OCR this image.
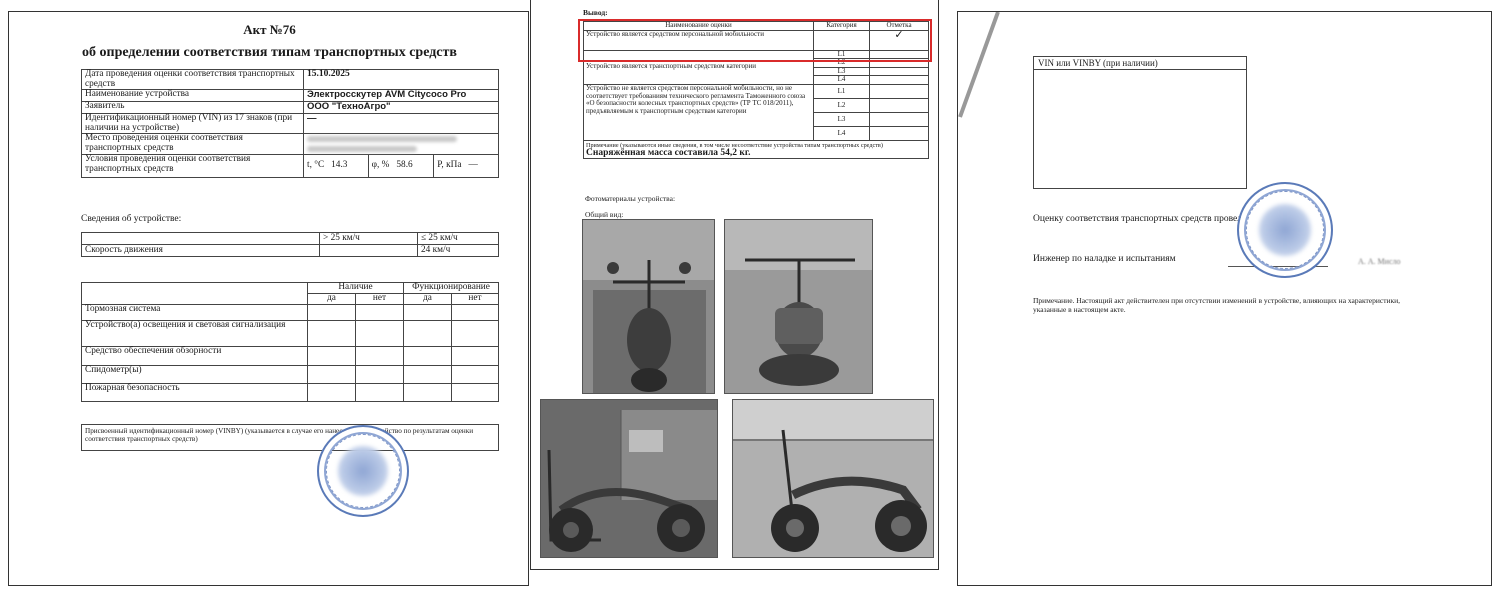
Акт №76
об определении соответствия типам транспортных средств
Дата проведения оценки соответствия транспортных средств	15.10.2025
Наименование устройства	Электросскутер AVM Citycoco Pro
Заявитель	ООО "ТехноАгро"
Идентификационный номер (VIN) из 17 знаков (при наличии на устройстве)	—
Место проведения оценки соответствия транспортных средств	

Условия проведения оценки соответствия транспортных средств		t, °C 14.3	φ, % 58.6	P, кПа —
Сведения об устройстве:
	> 25 км/ч	≤ 25 км/ч
Скорость движения		24 км/ч
	Наличие		Функционирование	
	да	нет	да	нет
Тормозная система				
Устройство(а) освещения и световая сигнализация				
Средство обеспечения обзорности				
Спидометр(ы)				
Пожарная безопасность				
Присвоенный идентификационный номер (VINBY) (указывается в случае его нанесения на устройство по результатам оценки соответствия транспортных средств)
Вывод:
Наименование оценки	Категория	Отметка
Устройство является средством персональной мобильности		✓
Устройство является транспортным средством категории	L1	
	L2	
	L3	
	L4	
Устройство не является средством персональной мобильности, но не соответствует требованиям технического регламента Таможенного союза «О безопасности колесных транспортных средств» (ТР ТС 018/2011), предъявляемым к транспортным средствам категории	L1	
	L2	
	L3	
	L4	
Примечание (указываются иные сведения, в том числе несоответствие устройства типам транспортных средств) Снаряжённая масса составила 54,2 кг.		
Фотоматериалы устройства:
Общий вид:
VIN или VINBY (при наличии)
Оценку соответствия транспортных средств провел:
Инженер по наладке и испытаниям	А. А. Мисло
Примечание. Настоящий акт действителен при отсутствии изменений в устройстве, влияющих на характеристики, указанные в настоящем акте.
